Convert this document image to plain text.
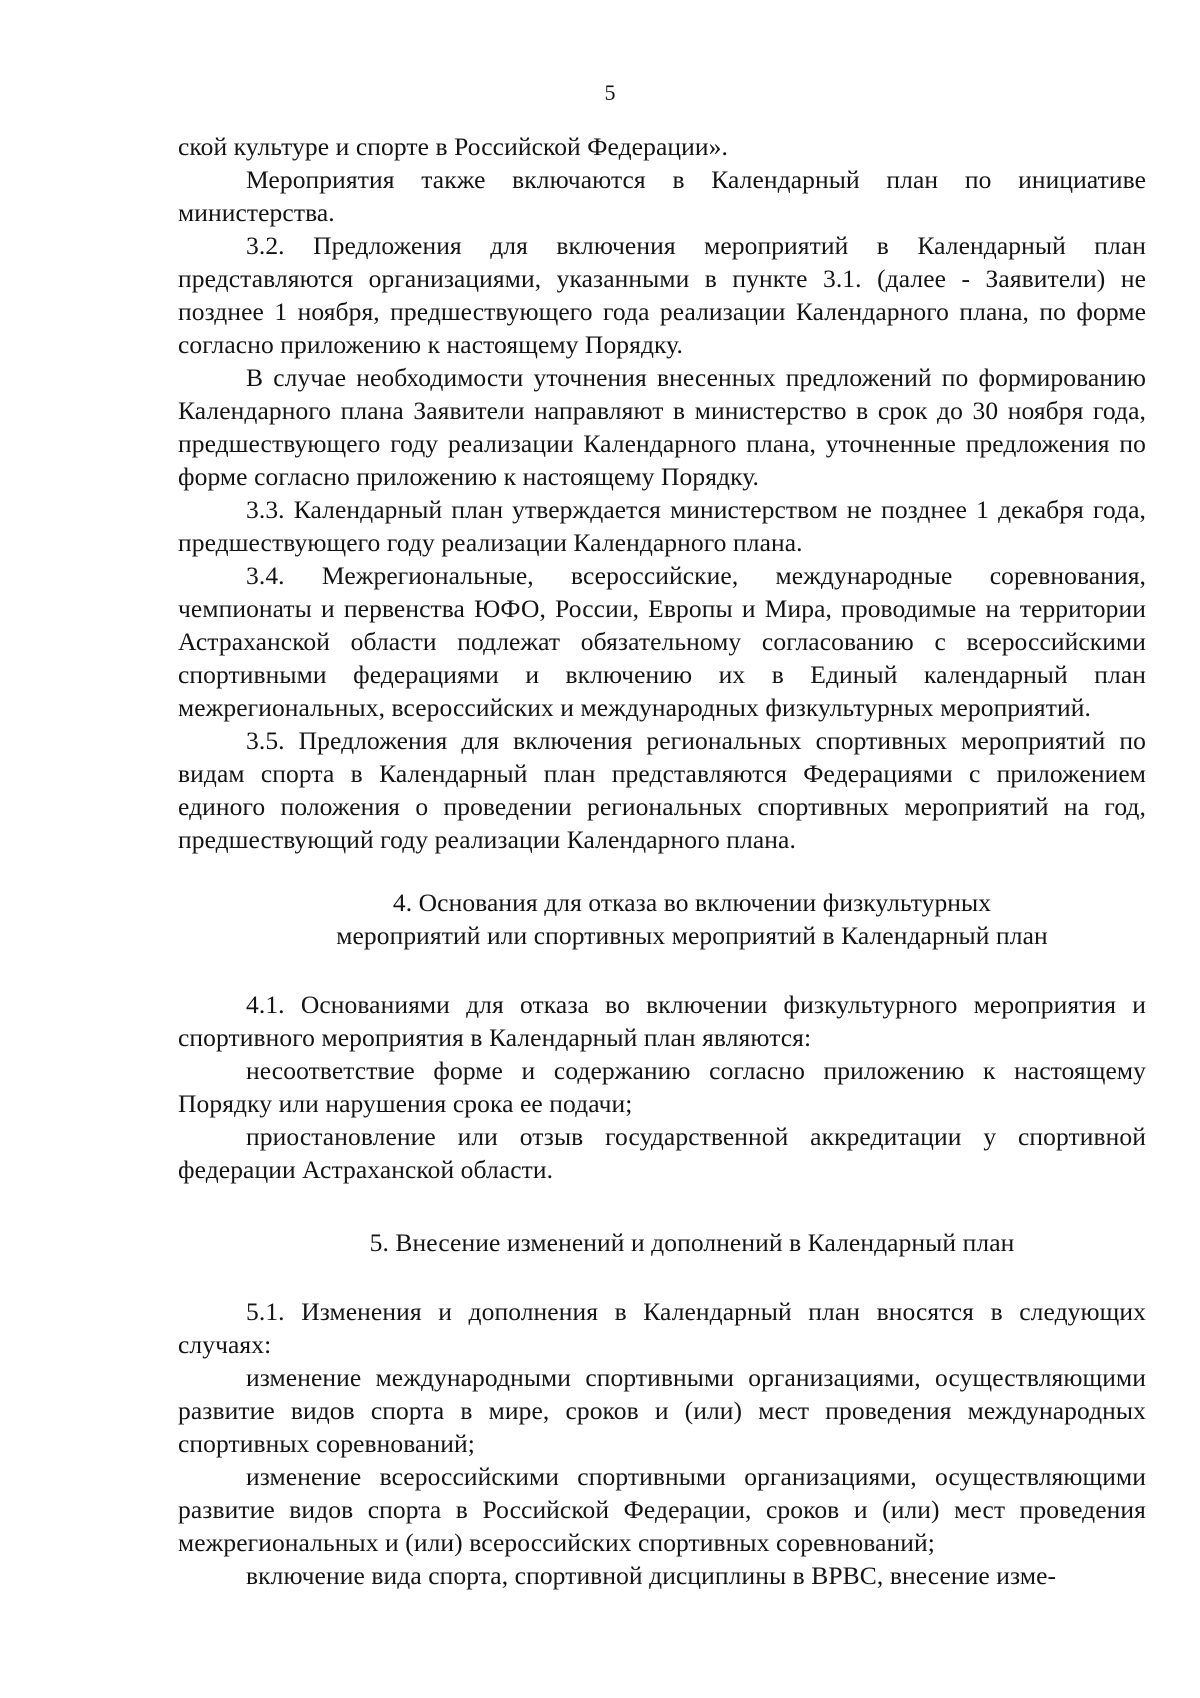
5

ской культуре и спорте в Российской Федерации».

Мероприятия также включаются в Календарный план по инициативе министерства.

3.2. Предложения для включения мероприятий в Календарный план представляются организациями, указанными в пункте 3.1. (далее - Заявители) не позднее 1 ноября, предшествующего года реализации Календарного плана, по форме согласно приложению к настоящему Порядку.

В случае необходимости уточнения внесенных предложений по формированию Календарного плана Заявители направляют в министерство в срок до 30 ноября года, предшествующего году реализации Календарного плана, уточненные предложения по форме согласно приложению к настоящему Порядку.

3.3. Календарный план утверждается министерством не позднее 1 декабря года, предшествующего году реализации Календарного плана.

3.4. Межрегиональные, всероссийские, международные соревнования, чемпионаты и первенства ЮФО, России, Европы и Мира, проводимые на территории Астраханской области подлежат обязательному согласованию с всероссийскими спортивными федерациями и включению их в Единый календарный план межрегиональных, всероссийских и международных физкультурных мероприятий.

3.5. Предложения для включения региональных спортивных мероприятий по видам спорта в Календарный план представляются Федерациями с приложением единого положения о проведении региональных спортивных мероприятий на год, предшествующий году реализации Календарного плана.

4. Основания для отказа во включении физкультурных
мероприятий или спортивных мероприятий в Календарный план

4.1. Основаниями для отказа во включении физкультурного мероприятия и спортивного мероприятия в Календарный план являются:

несоответствие форме и содержанию согласно приложению к настоящему Порядку или нарушения срока ее подачи;

приостановление или отзыв государственной аккредитации у спортивной федерации Астраханской области.

5. Внесение изменений и дополнений в Календарный план

5.1. Изменения и дополнения в Календарный план вносятся в следующих случаях:

изменение международными спортивными организациями, осуществляющими развитие видов спорта в мире, сроков и (или) мест проведения международных спортивных соревнований;

изменение всероссийскими спортивными организациями, осуществляющими развитие видов спорта в Российской Федерации, сроков и (или) мест проведения межрегиональных и (или) всероссийских спортивных соревнований;

включение вида спорта, спортивной дисциплины в ВРВС, внесение изме-
